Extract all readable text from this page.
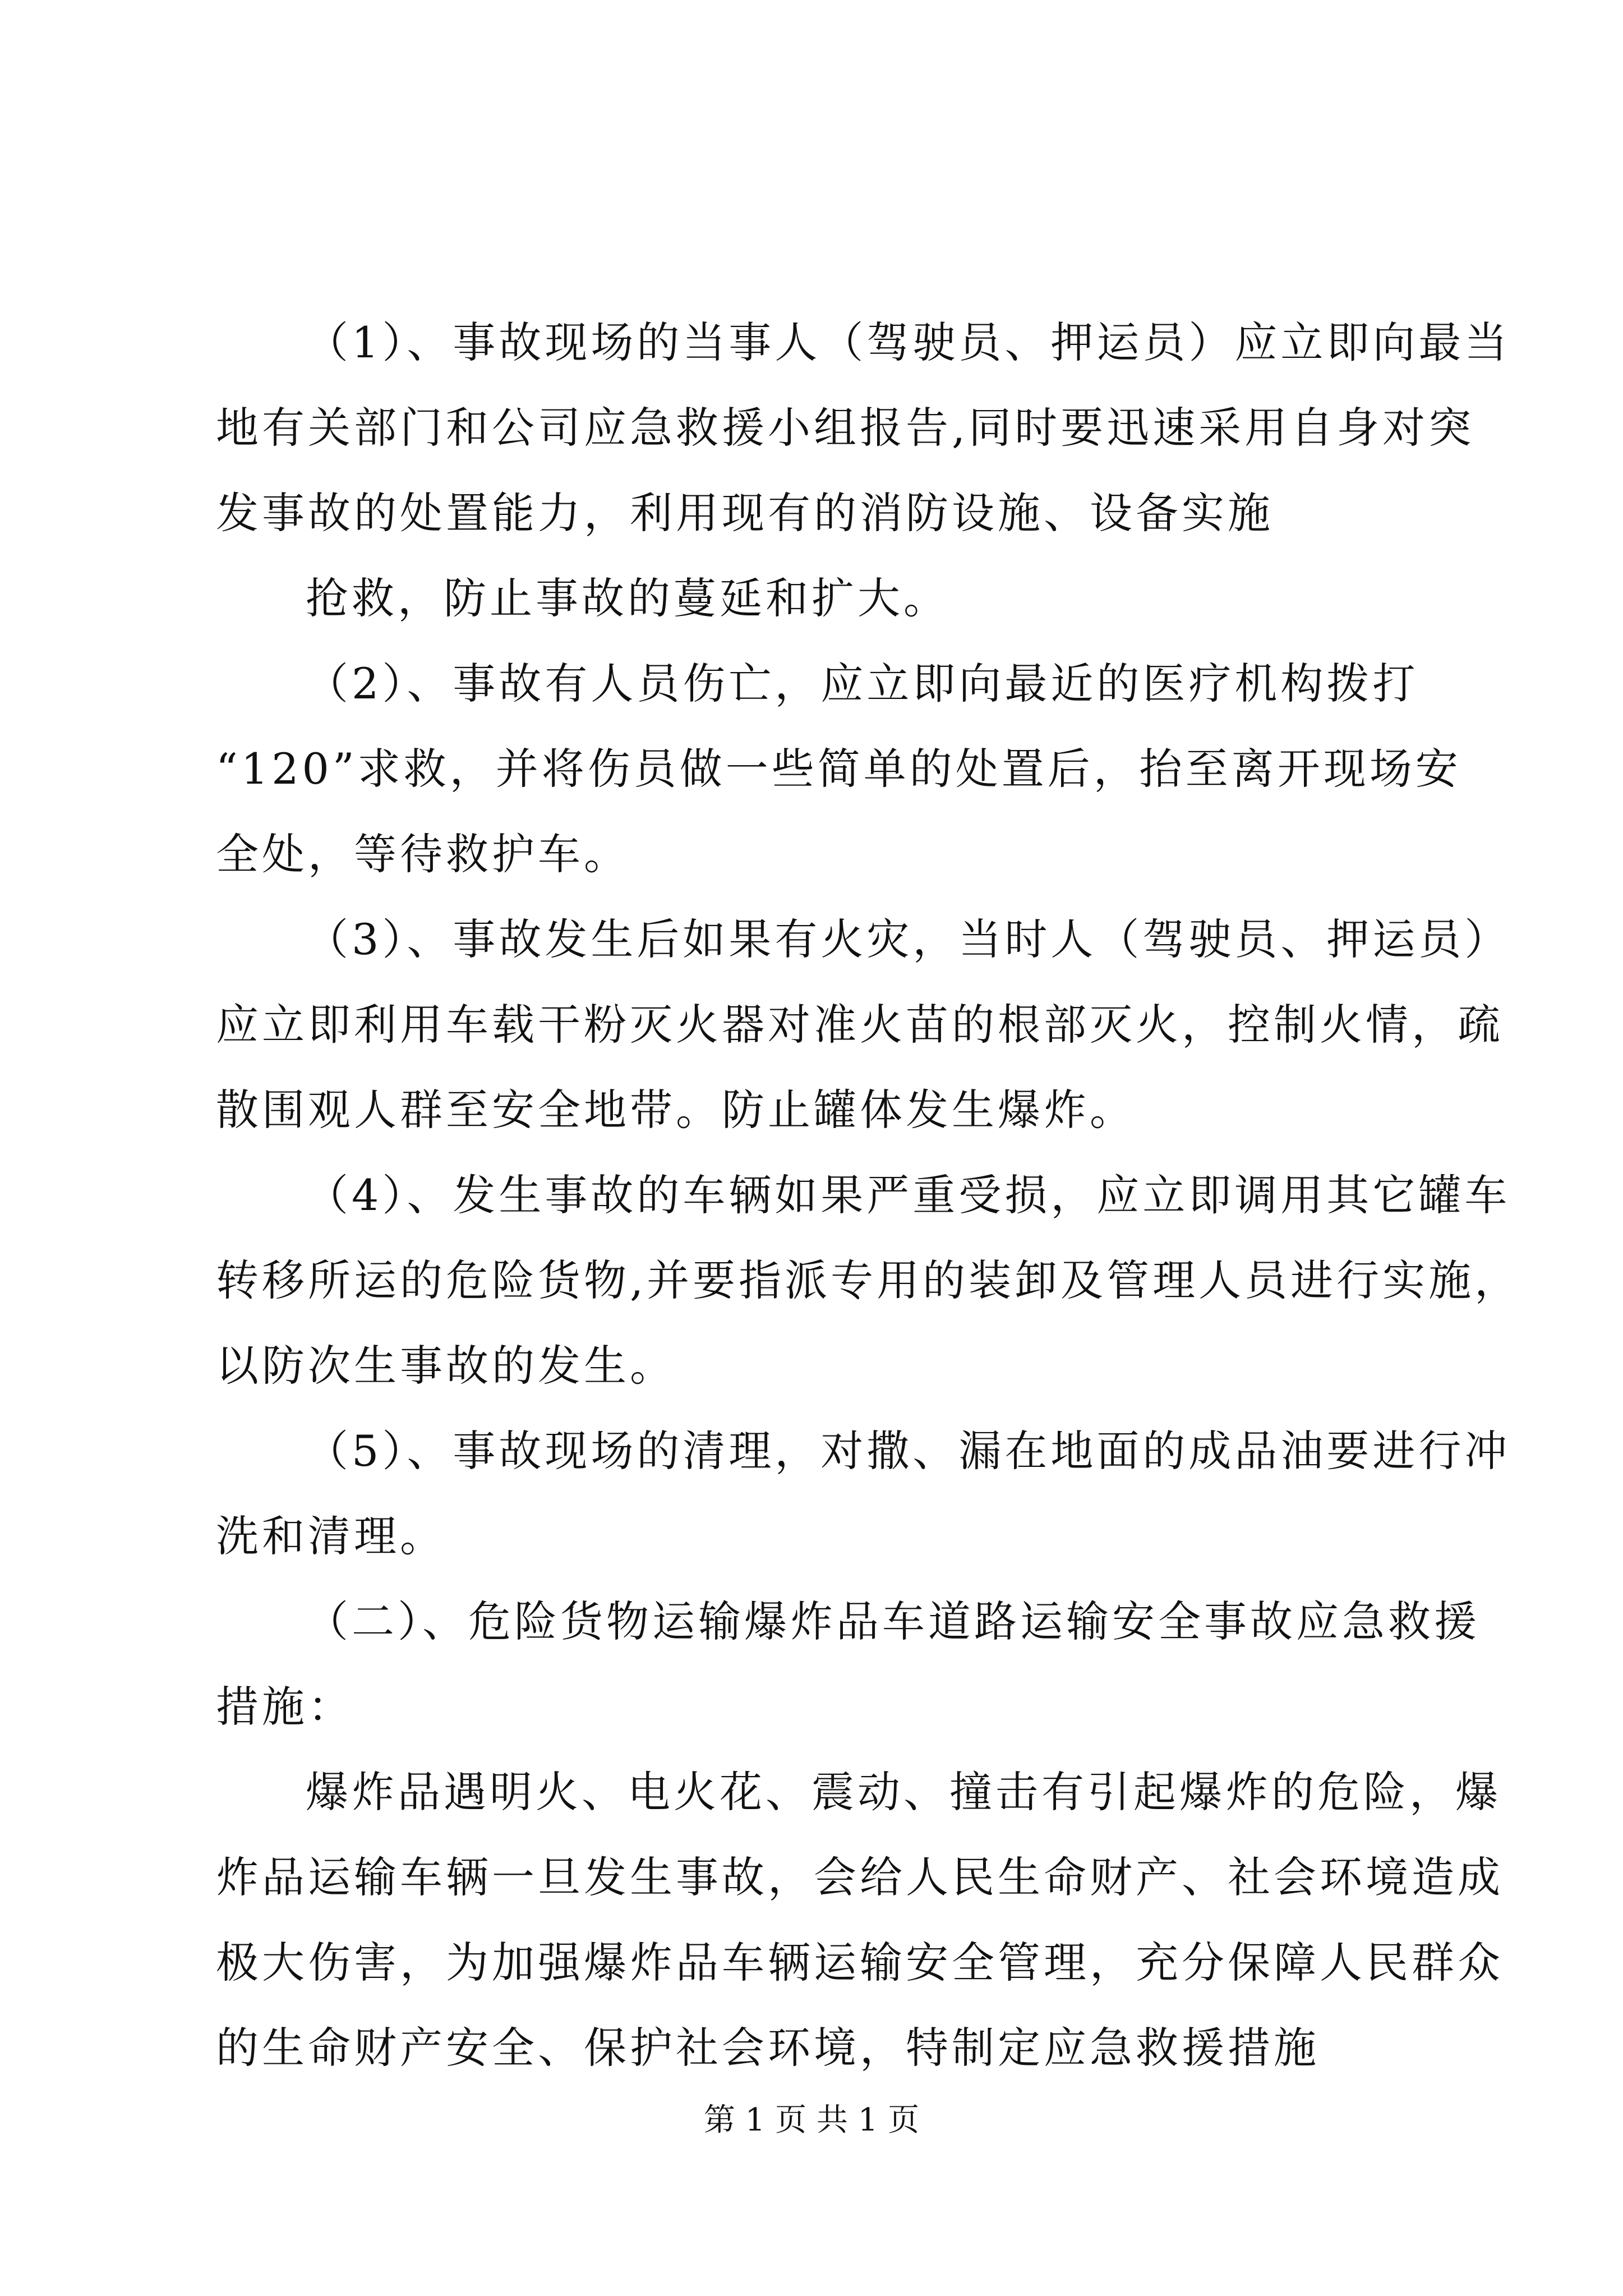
（1）、事故现场的当事人（驾驶员、押运员）应立即向最当
地有关部门和公司应急救援小组报告,同时要迅速采用自身对突
发事故的处置能力，利用现有的消防设施、设备实施
抢救，防止事故的蔓延和扩大。
（2）、事故有人员伤亡，应立即向最近的医疗机构拨打
“120”求救，并将伤员做一些简单的处置后，抬至离开现场安
全处，等待救护车。
（3）、事故发生后如果有火灾，当时人（驾驶员、押运员）
应立即利用车载干粉灭火器对准火苗的根部灭火，控制火情，疏
散围观人群至安全地带。防止罐体发生爆炸。
（4）、发生事故的车辆如果严重受损，应立即调用其它罐车
转移所运的危险货物,并要指派专用的装卸及管理人员进行实施，
以防次生事故的发生。
（5）、事故现场的清理，对撒、漏在地面的成品油要进行冲
洗和清理。
（二）、危险货物运输爆炸品车道路运输安全事故应急救援
措施：
爆炸品遇明火、电火花、震动、撞击有引起爆炸的危险，爆
炸品运输车辆一旦发生事故，会给人民生命财产、社会环境造成
极大伤害，为加强爆炸品车辆运输安全管理，充分保障人民群众
的生命财产安全、保护社会环境，特制定应急救援措施
第 1 页 共 1 页
